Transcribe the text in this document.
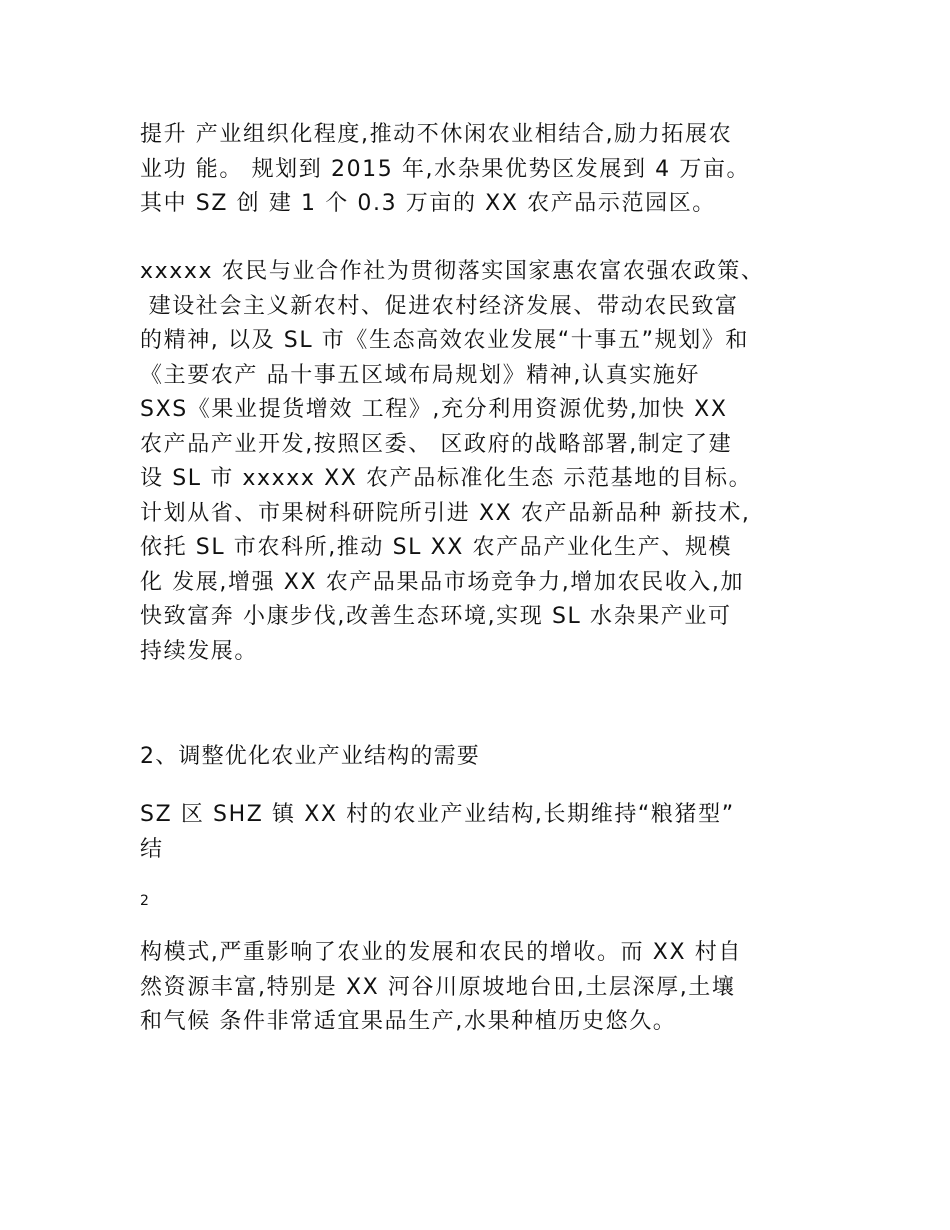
提升 产业组织化程度,推动不休闲农业相结合,励力拓展农
业功 能。 规划到 2015 年,水杂果优势区发展到 4 万亩。
其中 SZ 创 建 1 个 0.3 万亩的 XX 农产品示范园区。
xxxxx 农民与业合作社为贯彻落实国家惠农富农强农政策、
建设社会主义新农村、促进农村经济发展、带动农民致富
的精神, 以及 SL 市《生态高效农业发展“十事五”规划》和
《主要农产 品十事五区域布局规划》精神,认真实施好
SXS《果业提货增效 工程》,充分利用资源优势,加快 XX
农产品产业开发,按照区委、 区政府的战略部署,制定了建
设 SL 市 xxxxx XX 农产品标准化生态 示范基地的目标。
计划从省、市果树科研院所引进 XX 农产品新品种 新技术,
依托 SL 市农科所,推动 SL XX 农产品产业化生产、规模
化 发展,增强 XX 农产品果品市场竞争力,增加农民收入,加
快致富奔 小康步伐,改善生态环境,实现 SL 水杂果产业可
持续发展。
2、调整优化农业产业结构的需要
SZ 区 SHZ 镇 XX 村的农业产业结构,长期维持“粮猪型”
结

2

构模式,严重影响了农业的发展和农民的增收。而 XX 村自
然资源丰富,特别是 XX 河谷川原坡地台田,土层深厚,土壤
和气候 条件非常适宜果品生产,水果种植历史悠久。
